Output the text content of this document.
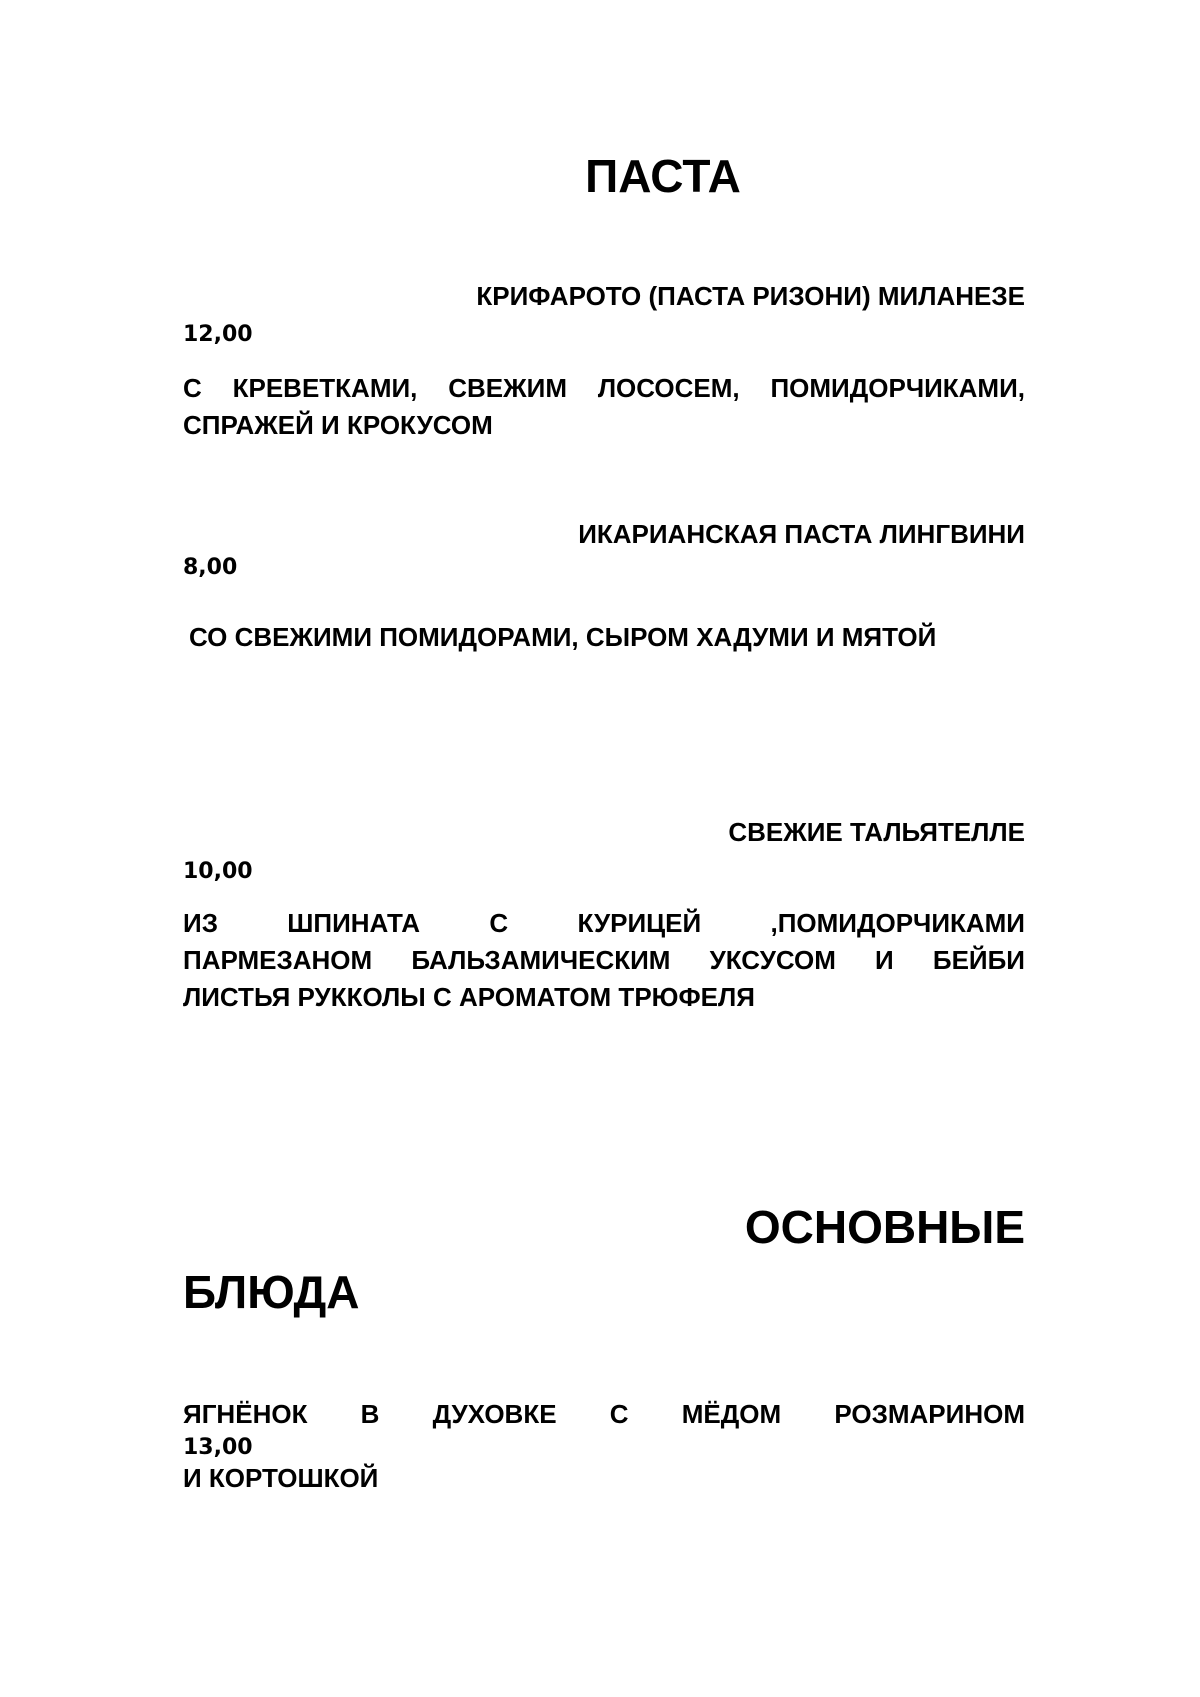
ПАСТА
КРИФАРОТО (ПАСТА РИЗОНИ) МИЛАНЕЗЕ
12,00
С КРЕВЕТКАМИ, СВЕЖИМ ЛОСОСЕМ, ПОМИДОРЧИКАМИ,
СПРАЖЕЙ И КРОКУСОМ
ИКАРИАНСКАЯ ПАСТА ЛИНГВИНИ
8,00
СО СВЕЖИМИ ПОМИДОРАМИ, СЫРОМ ХАДУМИ И МЯТОЙ
СВЕЖИЕ ТАЛЬЯТЕЛЛЕ
10,00
ИЗ ШПИНАТА С КУРИЦЕЙ ,ПОМИДОРЧИКАМИ
ПАРМЕЗАНОМ БАЛЬЗАМИЧЕСКИМ УКСУСОМ И БЕЙБИ
ЛИСТЬЯ РУККОЛЫ С АРОМАТОМ ТРЮФЕЛЯ
ОСНОВНЫЕ
БЛЮДА
ЯГНЁНОК В ДУХОВКЕ С МЁДОМ РОЗМАРИНОМ
13,00
И КОРТОШКОЙ
